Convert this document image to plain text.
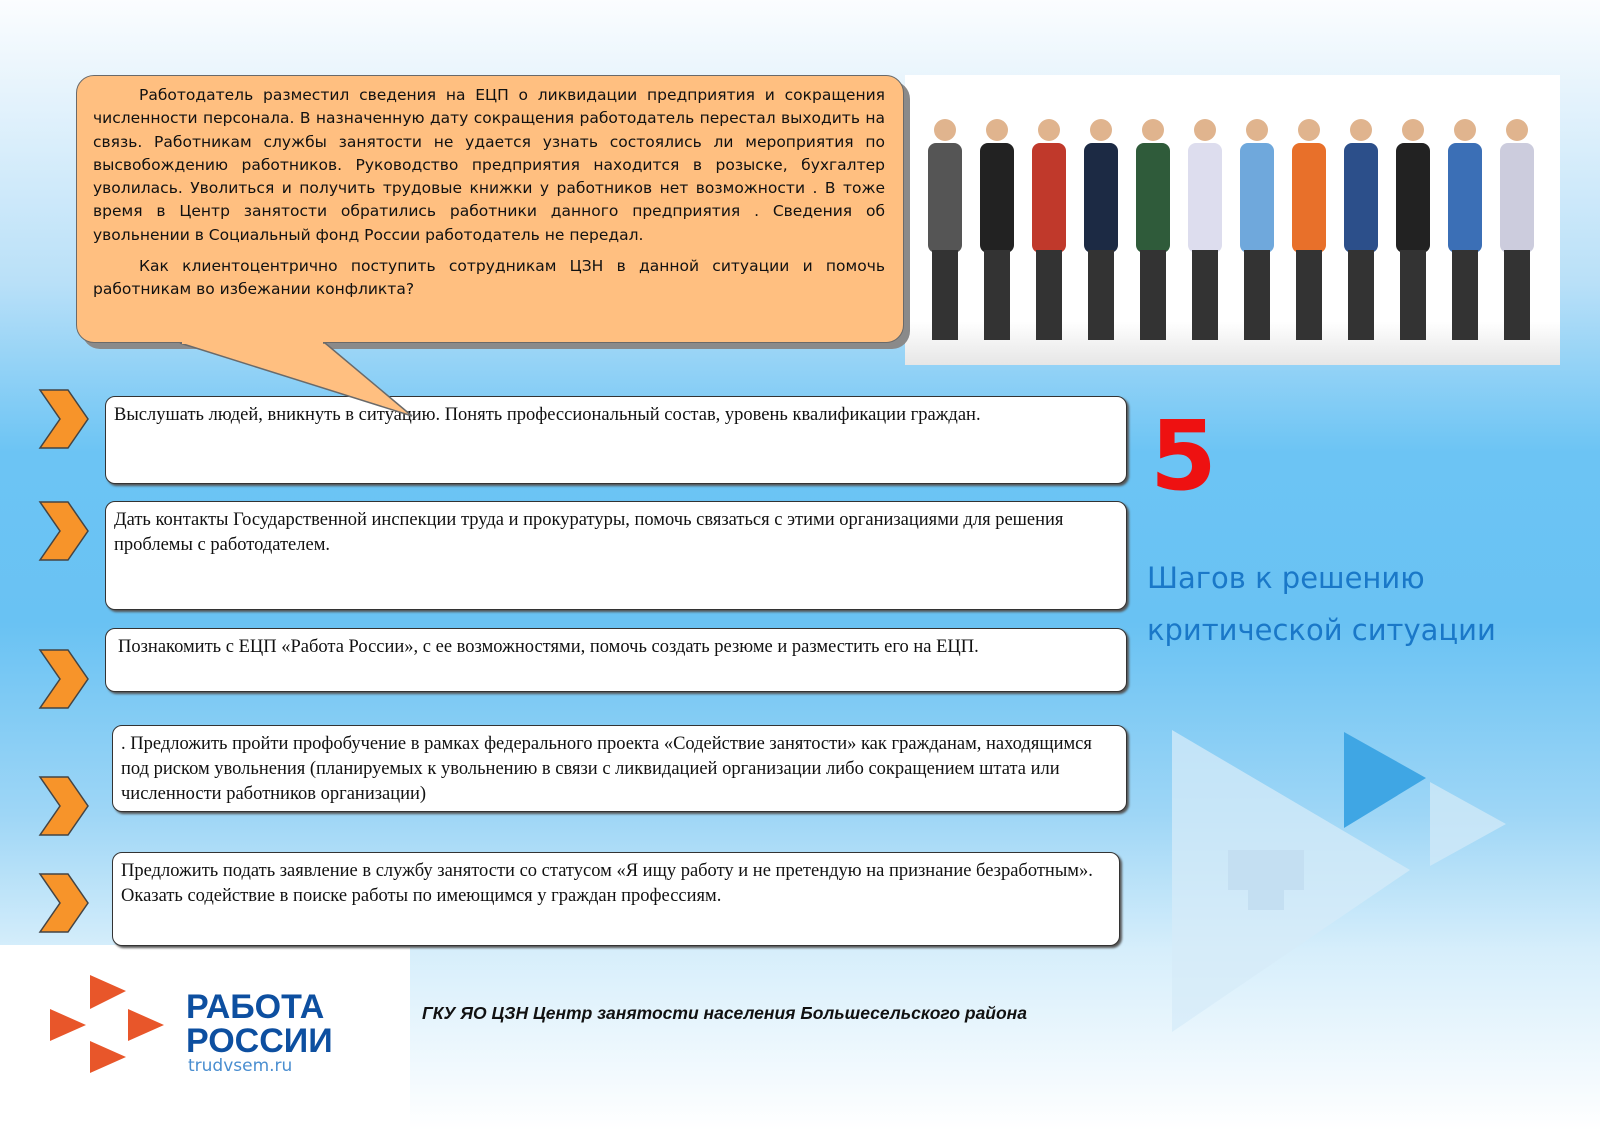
Работодатель разместил сведения на ЕЦП о ликвидации предприятия и сокращения численности персонала. В назначенную дату сокращения работодатель перестал выходить на связь. Работникам службы занятости не удается узнать состоялись ли мероприятия по высвобождению работников. Руководство предприятия находится в розыске, бухгалтер уволилась. Уволиться и получить трудовые книжки у работников нет возможности . В тоже время в Центр занятости обратились работники данного предприятия . Сведения об увольнении в Социальный фонд России работодатель не передал.

Как клиентоцентрично поступить сотрудникам ЦЗН в данной ситуации и помочь работникам во избежании конфликта?

Выслушать людей, вникнуть в ситуацию. Понять профессиональный состав, уровень квалификации граждан.
Дать контакты Государственной инспекции труда и прокуратуры, помочь связаться с этими организациями для решения проблемы с работодателем.
Познакомить с ЕЦП «Работа России», с ее возможностями, помочь создать резюме и разместить его на ЕЦП.
. Предложить пройти профобучение в рамках федерального проекта «Содействие занятости» как гражданам, находящимся под риском увольнения (планируемых к увольнению в связи с ликвидацией организации либо сокращением штата или численности работников организации)
Предложить подать заявление в службу занятости со статусом «Я ищу работу и не претендую на признание безработным». Оказать содействие в поиске работы по имеющимся у граждан профессиям.
5
Шагов к решению
критической ситуации
РАБОТА
РОССИИ
trudvsem.ru
ГКУ ЯО ЦЗН Центр занятости населения Большесельского района
